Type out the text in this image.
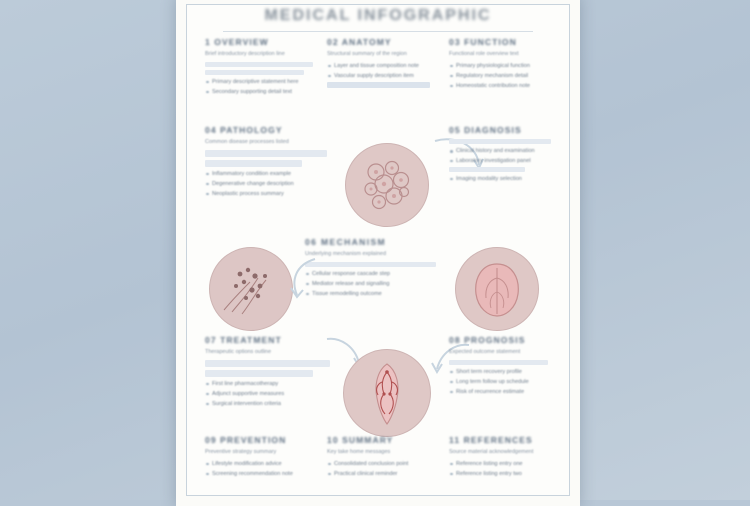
MEDICAL INFOGRAPHIC
1 OVERVIEW

Brief introductory description line

Primary descriptive statement here
Secondary supporting detail text
02 ANATOMY

Structural summary of the region

Layer and tissue composition note
Vascular supply description item
03 FUNCTION

Functional role overview text

Primary physiological function
Regulatory mechanism detail
Homeostatic contribution note
04 PATHOLOGY

Common disease processes listed

Inflammatory condition example
Degenerative change description
Neoplastic process summary
05 DIAGNOSIS
Clinical history and examination
Laboratory investigation panel
Imaging modality selection
06 MECHANISM

Underlying mechanism explained

Cellular response cascade step
Mediator release and signalling
Tissue remodelling outcome
07 TREATMENT

Therapeutic options outline

First line pharmacotherapy
Adjunct supportive measures
Surgical intervention criteria
08 PROGNOSIS

Expected outcome statement

Short term recovery profile
Long term follow up schedule
Risk of recurrence estimate
09 PREVENTION

Preventive strategy summary

Lifestyle modification advice
Screening recommendation note
10 SUMMARY

Key take home messages

Consolidated conclusion point
Practical clinical reminder
11 REFERENCES

Source material acknowledgement

Reference listing entry one
Reference listing entry two
